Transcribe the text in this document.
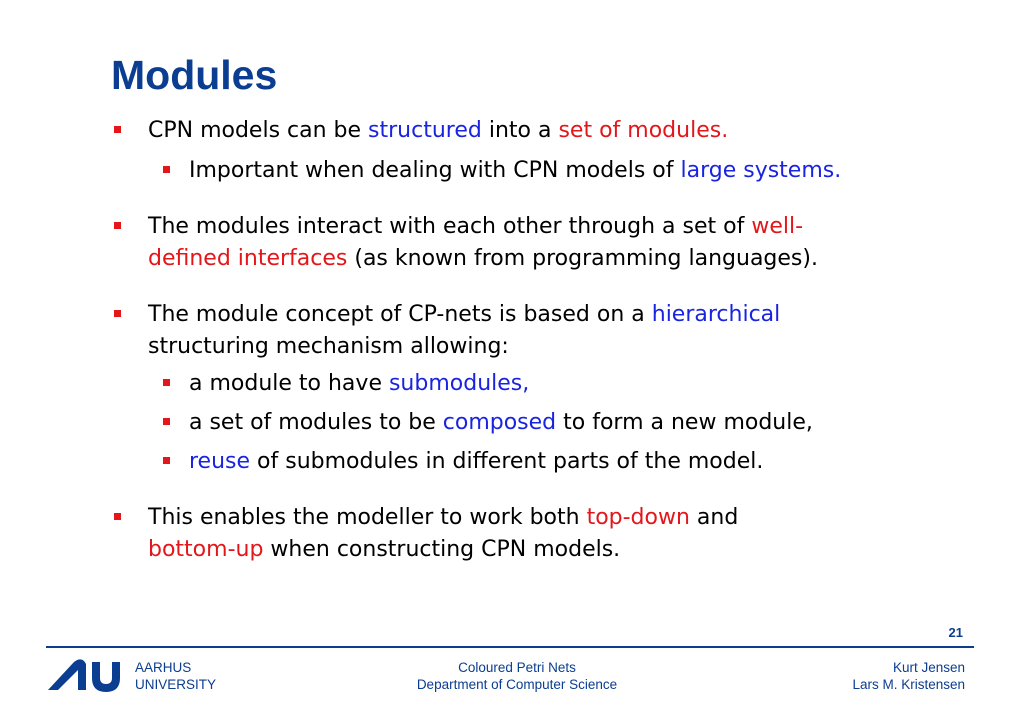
Modules
CPN models can be structured into a set of modules.
Important when dealing with CPN models of large systems.
The modules interact with each other through a set of well-
defined interfaces (as known from programming languages).
The module concept of CP-nets is based on a hierarchical
structuring mechanism allowing:
a module to have submodules,
a set of modules to be composed to form a new module,
reuse of submodules in different parts of the model.
This enables the modeller to work both top-down and
bottom-up when constructing CPN models.
21
AARHUS
UNIVERSITY
Coloured Petri Nets
Department of Computer Science
Kurt Jensen
Lars M. Kristensen
